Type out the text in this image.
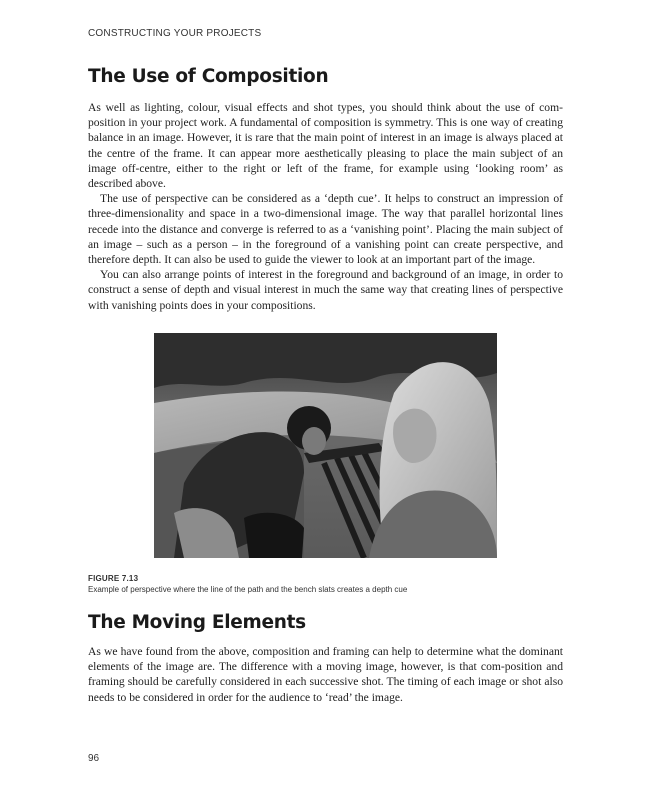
CONSTRUCTING YOUR PROJECTS
The Use of Composition

As well as lighting, colour, visual effects and shot types, you should think about the use of com-position in your project work. A fundamental of composition is symmetry. This is one way of creating balance in an image. However, it is rare that the main point of interest in an image is always placed at the centre of the frame. It can appear more aesthetically pleasing to place the main subject of an image off-centre, either to the right or left of the frame, for example using ‘looking room’ as described above.

The use of perspective can be considered as a ‘depth cue’. It helps to construct an impression of three-dimensionality and space in a two-dimensional image. The way that parallel horizontal lines recede into the distance and converge is referred to as a ‘vanishing point’. Placing the main subject of an image – such as a person – in the foreground of a vanishing point can create perspective, and therefore depth. It can also be used to guide the viewer to look at an important part of the image.

You can also arrange points of interest in the foreground and background of an image, in order to construct a sense of depth and visual interest in much the same way that creating lines of perspective with vanishing points does in your compositions.

FIGURE 7.13
Example of perspective where the line of the path and the bench slats creates a depth cue
The Moving Elements

As we have found from the above, composition and framing can help to determine what the dominant elements of the image are. The difference with a moving image, however, is that com-position and framing should be carefully considered in each successive shot. The timing of each image or shot also needs to be considered in order for the audience to ‘read’ the image.

96
